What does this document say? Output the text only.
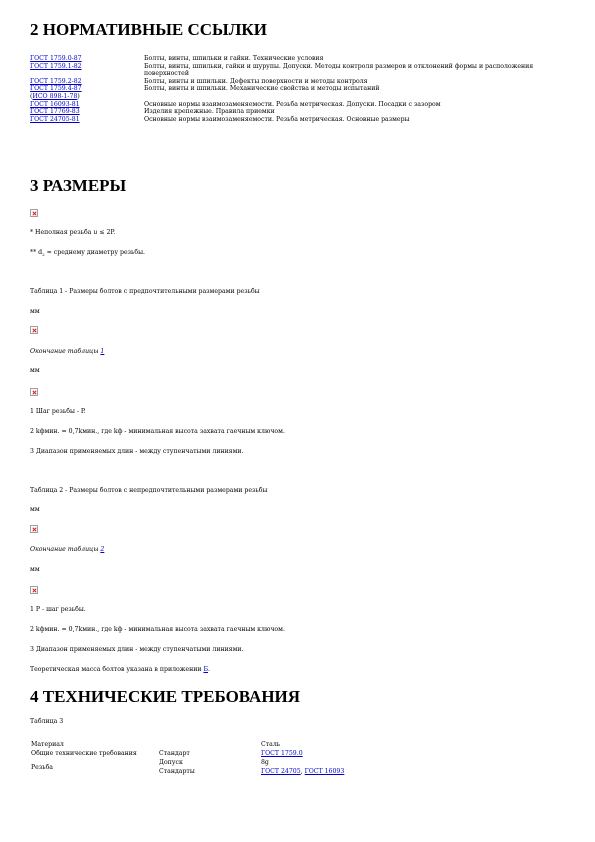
2 НОРМАТИВНЫЕ ССЫЛКИ
ГОСТ 1759.0-87	Болты, винты, шпильки и гайки. Технические условия
ГОСТ 1759.1-82	Болты, винты, шпильки, гайки и шурупы. Допуски. Методы контроля размеров и отклонений формы и расположения поверхностей
ГОСТ 1759.2-82	Болты, винты и шпильки. Дефекты поверхности и методы контроля
ГОСТ 1759.4-87
(ИСО 898-1-78)	Болты, винты и шпильки. Механические свойства и методы испытаний
ГОСТ 16093-81	Основные нормы взаимозаменяемости. Резьба метрическая. Допуски. Посадки с зазором
ГОСТ 17769-83	Изделия крепежные. Правила приемки
ГОСТ 24705-81	Основные нормы взаимозаменяемости. Резьба метрическая. Основные размеры
3 РАЗМЕРЫ
* Неполная резьба u ≤ 2P.
** $d_2$ ≈ среднему диаметру резьбы.
Таблица 1 - Размеры болтов с предпочтительными размерами резьбы
мм
Окончание таблицы 1
мм
1 Шаг резьбы - P.
2 kфмин. = 0,7kмин., где kф - минимальная высота захвата гаечным ключом.
3 Диапазон применяемых длин - между ступенчатыми линиями.
Таблица 2 - Размеры болтов с непредпочтительными размерами резьбы
мм
Окончание таблицы 2
мм
1 P - шаг резьбы.
2 kфмин. = 0,7kмин., где kф - минимальная высота захвата гаечным ключом.
3 Диапазон применяемых длин - между ступенчатыми линиями.
Теоретическая масса болтов указана в приложении Б.
4 ТЕХНИЧЕСКИЕ ТРЕБОВАНИЯ
Таблица 3
Материал		Сталь
Общие технические требования	Стандарт	ГОСТ 1759.0
Резьба	Допуск	8g
	Стандарты	ГОСТ 24705, ГОСТ 16093
